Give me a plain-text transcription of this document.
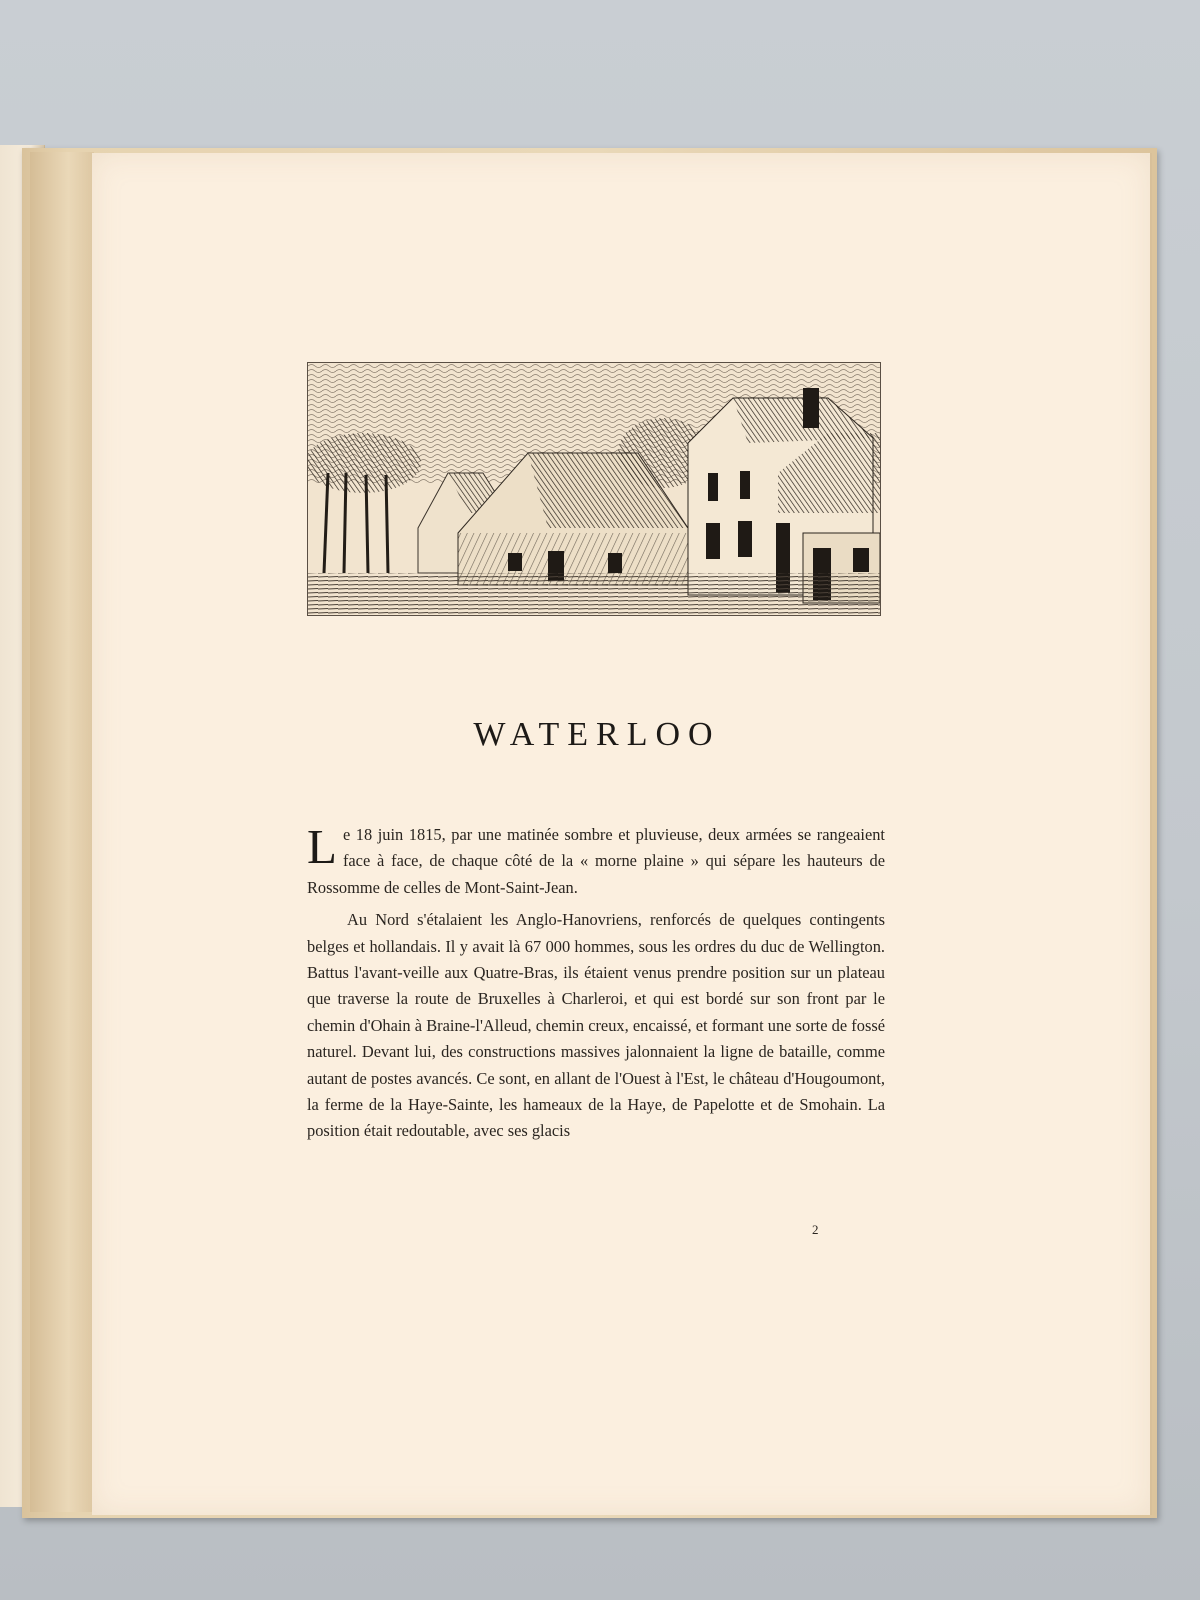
WATERLOO

Le 18 juin 1815, par une matinée sombre et pluvieuse, deux armées se rangeaient face à face, de chaque côté de la « morne plaine » qui sépare les hauteurs de Rossomme de celles de Mont-Saint-Jean.

Au Nord s'étalaient les Anglo-Hanovriens, renforcés de quelques contingents belges et hollandais. Il y avait là 67 000 hommes, sous les ordres du duc de Wellington. Battus l'avant-veille aux Quatre-Bras, ils étaient venus prendre position sur un plateau que traverse la route de Bruxelles à Charleroi, et qui est bordé sur son front par le chemin d'Ohain à Braine-l'Alleud, chemin creux, encaissé, et formant une sorte de fossé naturel. Devant lui, des constructions massives jalonnaient la ligne de bataille, comme autant de postes avancés. Ce sont, en allant de l'Ouest à l'Est, le château d'Hougoumont, la ferme de la Haye-Sainte, les hameaux de la Haye, de Papelotte et de Smohain. La position était redoutable, avec ses glacis

2
